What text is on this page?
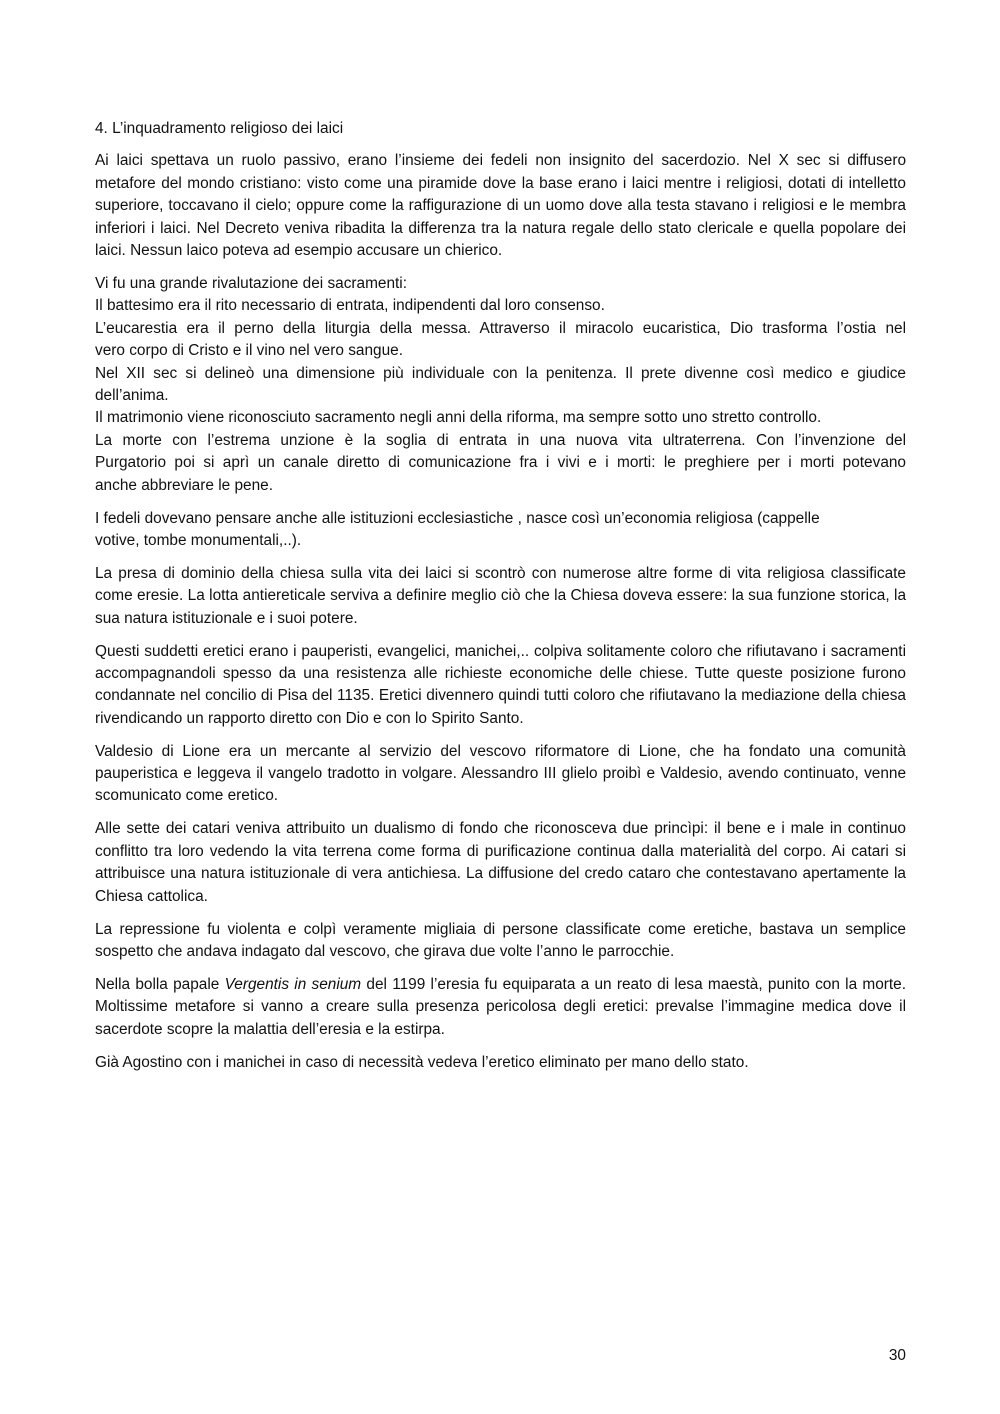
4. L’inquadramento religioso dei laici

Ai laici spettava un ruolo passivo, erano l’insieme dei fedeli non insignito del sacerdozio. Nel X sec si diffusero metafore del mondo cristiano: visto come una piramide dove la base erano i laici mentre i religiosi, dotati di intelletto superiore, toccavano il cielo; oppure come la raffigurazione di un uomo dove alla testa stavano i religiosi e le membra inferiori i laici. Nel Decreto veniva ribadita la differenza tra la natura regale dello stato clericale e quella popolare dei laici. Nessun laico poteva ad esempio accusare un chierico.

Vi fu una grande rivalutazione dei sacramenti:
Il battesimo era il rito necessario di entrata, indipendenti dal loro consenso.
L’eucarestia era il perno della liturgia della messa. Attraverso il miracolo eucaristica, Dio trasforma l’ostia nel
vero corpo di Cristo e il vino nel vero sangue.
Nel XII sec si delineò una dimensione più individuale con la penitenza. Il prete divenne così medico e giudice
dell’anima.
Il matrimonio viene riconosciuto sacramento negli anni della riforma, ma sempre sotto uno stretto controllo.
La morte con l’estrema unzione è la soglia di entrata in una nuova vita ultraterrena. Con l’invenzione del
Purgatorio poi si aprì un canale diretto di comunicazione fra i vivi e i morti: le preghiere per i morti potevano
anche abbreviare le pene.

I fedeli dovevano pensare anche alle istituzioni ecclesiastiche , nasce così un’economia religiosa (cappelle
votive, tombe monumentali,..).

La presa di dominio della chiesa sulla vita dei laici si scontrò con numerose altre forme di vita religiosa classificate come eresie. La lotta antiereticale serviva a definire meglio ciò che la Chiesa doveva essere: la sua funzione storica, la sua natura istituzionale e i suoi potere.

Questi suddetti eretici erano i pauperisti, evangelici, manichei,.. colpiva solitamente coloro che rifiutavano i sacramenti accompagnandoli spesso da una resistenza alle richieste economiche delle chiese. Tutte queste posizione furono condannate nel concilio di Pisa del 1135. Eretici divennero quindi tutti coloro che rifiutavano la mediazione della chiesa rivendicando un rapporto diretto con Dio e con lo Spirito Santo.

Valdesio di Lione era un mercante al servizio del vescovo riformatore di Lione, che ha fondato una comunità pauperistica e leggeva il vangelo tradotto in volgare. Alessandro III glielo proibì e Valdesio, avendo continuato, venne scomunicato come eretico.

Alle sette dei catari veniva attribuito un dualismo di fondo che riconosceva due princìpi: il bene e i male in continuo conflitto tra loro vedendo la vita terrena come forma di purificazione continua dalla materialità del corpo. Ai catari si attribuisce una natura istituzionale di vera antichiesa. La diffusione del credo cataro che contestavano apertamente la Chiesa cattolica.

La repressione fu violenta e colpì veramente migliaia di persone classificate come eretiche, bastava un semplice sospetto che andava indagato dal vescovo, che girava due volte l’anno le parrocchie.

Nella bolla papale Vergentis in senium del 1199 l’eresia fu equiparata a un reato di lesa maestà, punito con la morte. Moltissime metafore si vanno a creare sulla presenza pericolosa degli eretici: prevalse l’immagine medica dove il sacerdote scopre la malattia dell’eresia e la estirpa.

Già Agostino con i manichei in caso di necessità vedeva l’eretico eliminato per mano dello stato.

30
